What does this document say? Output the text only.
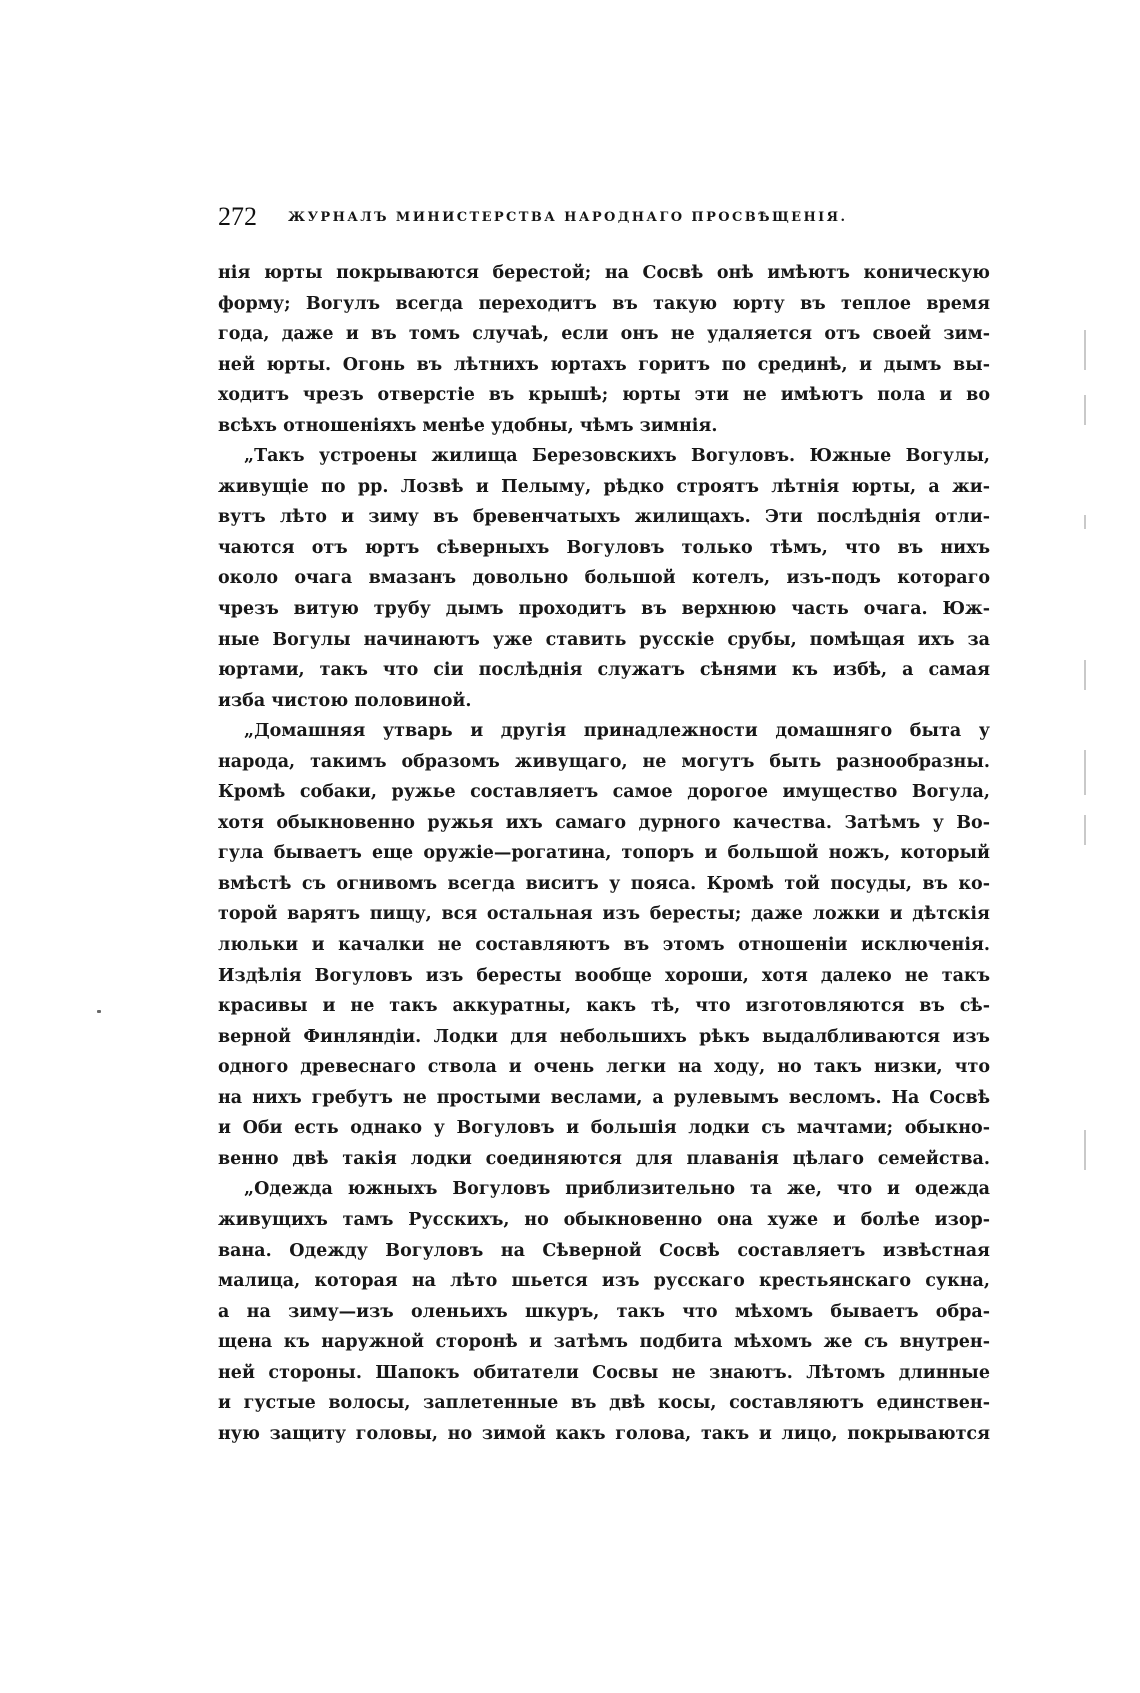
272 ЖУРНАЛЪ МИНИСТЕРСТВА НАРОДНАГО ПРОСВѢЩЕНІЯ.
нія юрты покрываются берестой; на Сосвѣ онѣ имѣютъ коническую
форму; Вогулъ всегда переходитъ въ такую юрту въ теплое время
года, даже и въ томъ случаѣ, если онъ не удаляется отъ своей зим-
ней юрты. Огонь въ лѣтнихъ юртахъ горитъ по срединѣ, и дымъ вы-
ходитъ чрезъ отверстіе въ крышѣ; юрты эти не имѣютъ пола и во
всѣхъ отношеніяхъ менѣе удобны, чѣмъ зимнія.
„Такъ устроены жилища Березовскихъ Вогуловъ. Южные Вогулы,
живущіе по рр. Лозвѣ и Пелыму, рѣдко строятъ лѣтнія юрты, а жи-
вутъ лѣто и зиму въ бревенчатыхъ жилищахъ. Эти послѣднія отли-
чаются отъ юртъ сѣверныхъ Вогуловъ только тѣмъ, что въ нихъ
около очага вмазанъ довольно большой котелъ, изъ-подъ котораго
чрезъ витую трубу дымъ проходитъ въ верхнюю часть очага. Юж-
ные Вогулы начинаютъ уже ставить русскіе срубы, помѣщая ихъ за
юртами, такъ что сіи послѣднія служатъ сѣнями къ избѣ, а самая
изба чистою половиной.
„Домашняя утварь и другія принадлежности домашняго быта у
народа, такимъ образомъ живущаго, не могутъ быть разнообразны.
Кромѣ собаки, ружье составляетъ самое дорогое имущество Вогула,
хотя обыкновенно ружья ихъ самаго дурного качества. Затѣмъ у Во-
гула бываетъ еще оружіе—рогатина, топоръ и большой ножъ, который
вмѣстѣ съ огнивомъ всегда виситъ у пояса. Кромѣ той посуды, въ ко-
торой варятъ пищу, вся остальная изъ бересты; даже ложки и дѣтскія
люльки и качалки не составляютъ въ этомъ отношеніи исключенія.
Издѣлія Вогуловъ изъ бересты вообще хороши, хотя далеко не такъ
красивы и не такъ аккуратны, какъ тѣ, что изготовляются въ сѣ-
верной Финляндіи. Лодки для небольшихъ рѣкъ выдалбливаются изъ
одного древеснаго ствола и очень легки на ходу, но такъ низки, что
на нихъ гребутъ не простыми веслами, а рулевымъ весломъ. На Сосвѣ
и Оби есть однако у Вогуловъ и большія лодки съ мачтами; обыкно-
венно двѣ такія лодки соединяются для плаванія цѣлаго семейства.
„Одежда южныхъ Вогуловъ приблизительно та же, что и одежда
живущихъ тамъ Русскихъ, но обыкновенно она хуже и болѣе изор-
вана. Одежду Вогуловъ на Сѣверной Сосвѣ составляетъ извѣстная
малица, которая на лѣто шьется изъ русскаго крестьянскаго сукна,
а на зиму—изъ оленьихъ шкуръ, такъ что мѣхомъ бываетъ обра-
щена къ наружной сторонѣ и затѣмъ подбита мѣхомъ же съ внутрен-
ней стороны. Шапокъ обитатели Сосвы не знаютъ. Лѣтомъ длинные
и густые волосы, заплетенные въ двѣ косы, составляютъ единствен-
ную защиту головы, но зимой какъ голова, такъ и лицо, покрываются
